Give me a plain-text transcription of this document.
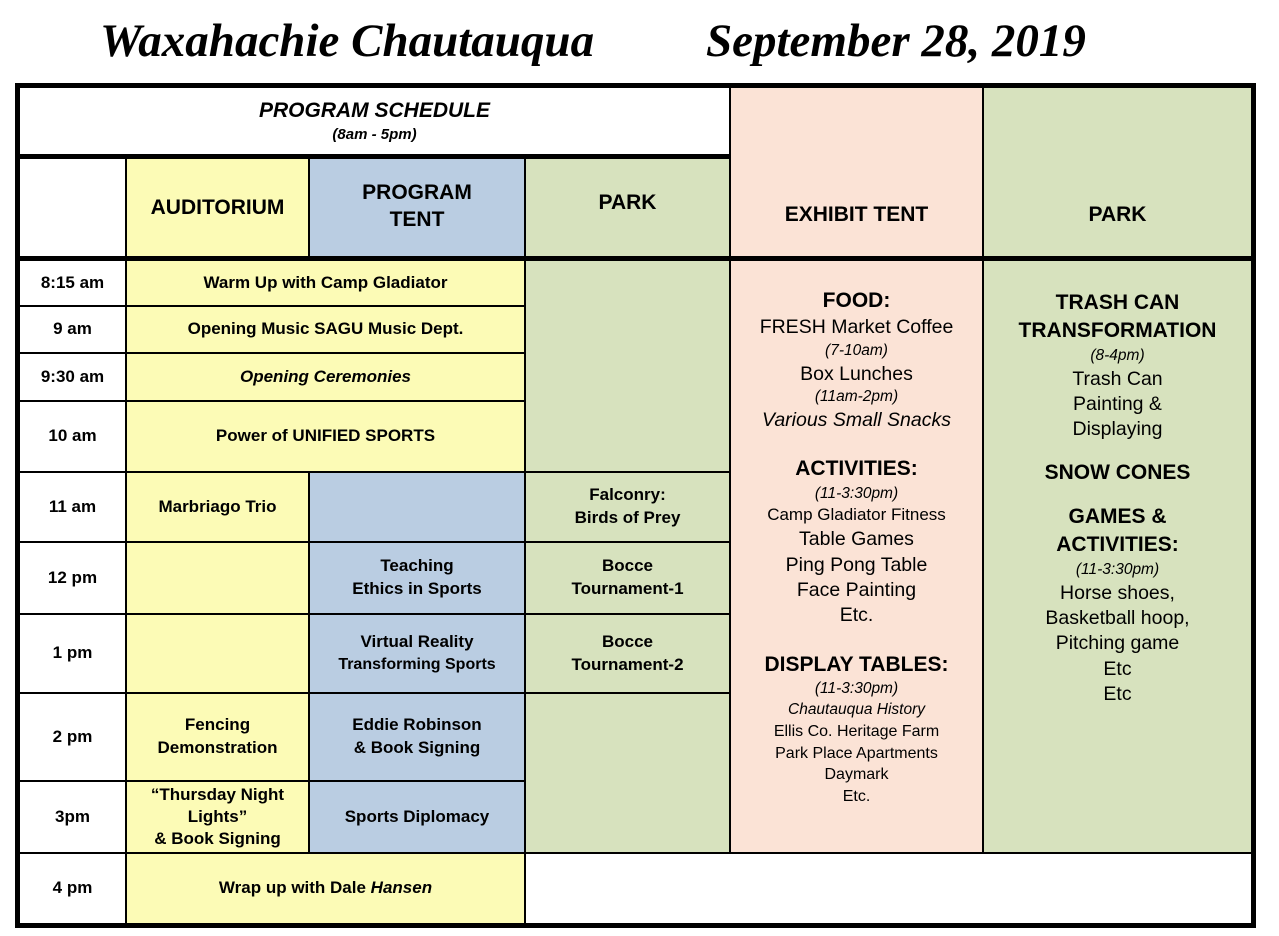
Waxahachie Chautauqua September 28, 2019
PROGRAM SCHEDULE
(8am - 5pm)
AUDITORIUM
PROGRAM
TENT
PARK
EXHIBIT TENT	PARK
8:15 am
9 am
9:30 am
10 am
11 am
12 pm
1 pm
2 pm
3pm
4 pm
Warm Up with Camp Gladiator
Opening Music SAGU Music Dept.
Opening Ceremonies
Power of UNIFIED SPORTS
Marbriago Trio
Falconry:
Birds of Prey
Teaching
Ethics in Sports
Bocce
Tournament-1
Virtual Reality
Transforming Sports
Bocce
Tournament-2
Fencing
Demonstration
Eddie Robinson
& Book Signing
“Thursday Night
Lights”
& Book Signing
Sports Diplomacy
Wrap up with Dale Hansen
FOOD:
FRESH Market Coffee
(7-10am)
Box Lunches
(11am-2pm)
Various Small Snacks
ACTIVITIES:
(11-3:30pm)
Camp Gladiator Fitness
Table Games
Ping Pong Table
Face Painting
Etc.
DISPLAY TABLES:
(11-3:30pm)
Chautauqua History
Ellis Co. Heritage Farm
Park Place Apartments
Daymark
Etc.
TRASH CAN
TRANSFORMATION
(8-4pm)
Trash Can
Painting &
Displaying
SNOW CONES
GAMES &
ACTIVITIES:
(11-3:30pm)
Horse shoes,
Basketball hoop,
Pitching game
Etc
Etc
